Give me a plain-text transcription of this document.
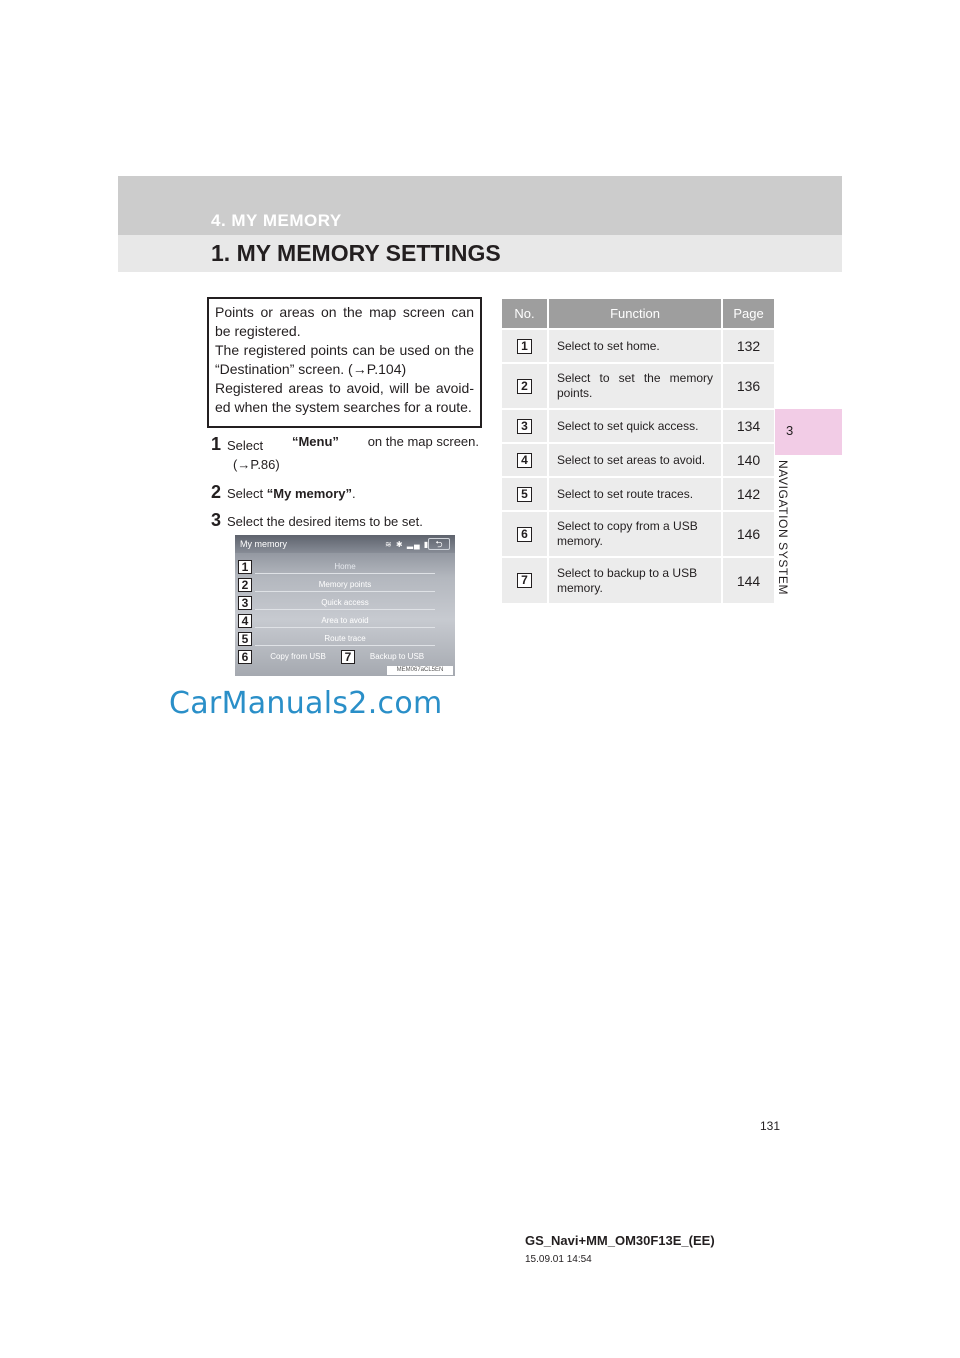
4. MY MEMORY
1. MY MEMORY SETTINGS
3
NAVIGATION SYSTEM

Points or areas on the map screen can be registered.

The registered points can be used on the “Destination” screen. (→P.104)

Registered areas to avoid, will be avoid-ed when the system searches for a route.

1 Select “Menu” on the map screen.
(→P.86)
2 Select “My memory”.
3 Select the desired items to be set.
My memory	≋ ✱ ▂▄ ▮ ⮌
Home
Memory points
Quick access
Area to avoid
Route trace
Copy from USB	Backup to USB
1
2
3
4
5
6	7
MEM067aCL5EN
CarManuals2.com
No.	Function	Page
1	Select to set home.	132
2	Select to set the memory points.	136
3	Select to set quick access.	134
4	Select to set areas to avoid.	140
5	Select to set route traces.	142
6	Select to copy from a USB memory.	146
7	Select to backup to a USB memory.	144
131
GS_Navi+MM_OM30F13E_(EE)
15.09.01 14:54
